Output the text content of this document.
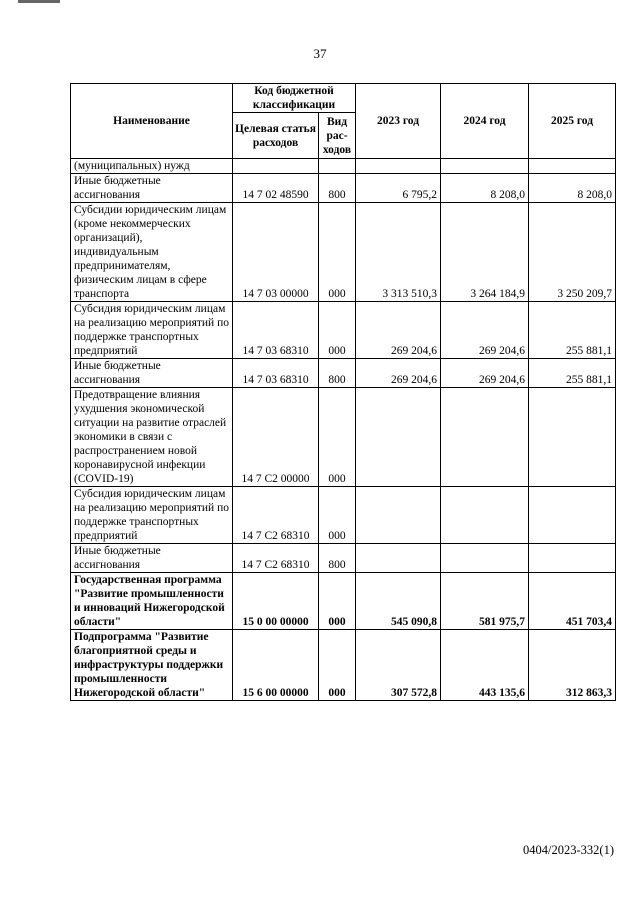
37
Наименование	Код бюджетной классификации		2023 год	2024 год	2025 год
	Целевая статья расходов	Вид рас-ходов			
(муниципальных) нужд					
Иные бюджетные ассигнования	14 7 02 48590	800	6 795,2	8 208,0	8 208,0
Субсидии юридическим лицам (кроме некоммерческих организаций), индивидуальным предпринимателям, физическим лицам в сфере транспорта	14 7 03 00000	000	3 313 510,3	3 264 184,9	3 250 209,7
Субсидия юридическим лицам на реализацию мероприятий по поддержке транспортных предприятий	14 7 03 68310	000	269 204,6	269 204,6	255 881,1
Иные бюджетные ассигнования	14 7 03 68310	800	269 204,6	269 204,6	255 881,1
Предотвращение влияния ухудшения экономической ситуации на развитие отраслей экономики в связи с распространением новой коронавирусной инфекции (COVID-19)	14 7 C2 00000	000			
Субсидия юридическим лицам на реализацию мероприятий по поддержке транспортных предприятий	14 7 C2 68310	000			
Иные бюджетные ассигнования	14 7 C2 68310	800			
Государственная программа "Развитие промышленности и инноваций Нижегородской области"	15 0 00 00000	000	545 090,8	581 975,7	451 703,4
Подпрограмма "Развитие благоприятной среды и инфраструктуры поддержки промышленности Нижегородской области"	15 6 00 00000	000	307 572,8	443 135,6	312 863,3
0404/2023-332(1)
